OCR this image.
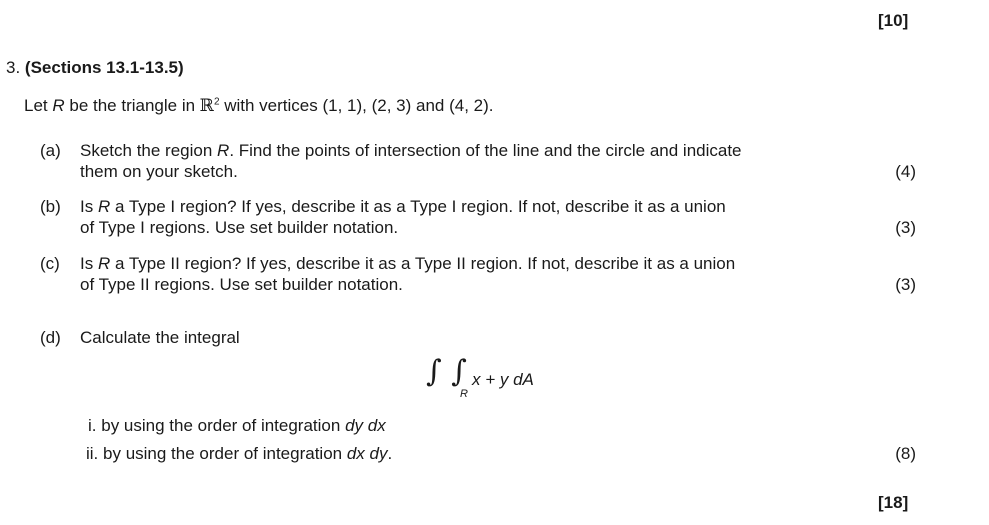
[10]
3. (Sections 13.1-13.5)
Let R be the triangle in ℝ$^2$ with vertices (1, 1), (2, 3) and (4, 2).
(a)	Sketch the region R. Find the points of intersection of the line and the circle and indicate
them on your sketch.	(4)
(b)	Is R a Type I region? If yes, describe it as a Type I region. If not, describe it as a union
of Type I regions. Use set builder notation.	(3)
(c)	Is R a Type II region? If yes, describe it as a Type II region. If not, describe it as a union
of Type II regions. Use set builder notation.	(3)
(d)	Calculate the integral
∫ ∫
R
x + y dA
i. by using the order of integration dy dx
ii. by using the order of integration dx dy.	(8)
[18]
